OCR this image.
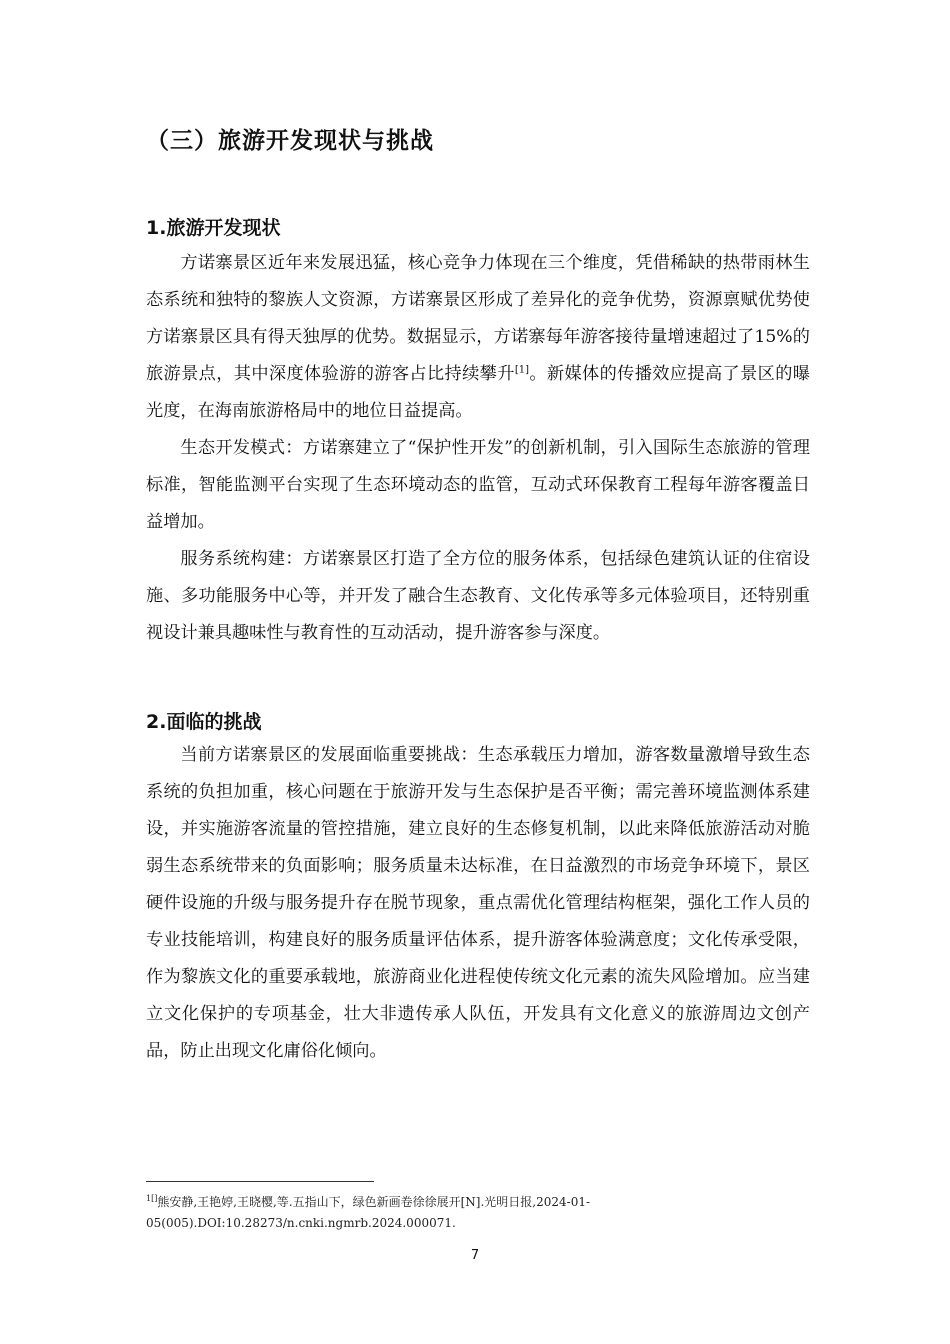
（三）旅游开发现状与挑战
1.旅游开发现状

方诺寨景区近年来发展迅猛，核心竞争力体现在三个维度，凭借稀缺的热带雨林生态系统和独特的黎族人文资源，方诺寨景区形成了差异化的竞争优势，资源禀赋优势使方诺寨景区具有得天独厚的优势。数据显示，方诺寨每年游客接待量增速超过了15%的旅游景点，其中深度体验游的游客占比持续攀升[1]。新媒体的传播效应提高了景区的曝光度，在海南旅游格局中的地位日益提高。

生态开发模式：方诺寨建立了“保护性开发”的创新机制，引入国际生态旅游的管理标准，智能监测平台实现了生态环境动态的监管，互动式环保教育工程每年游客覆盖日益增加。

服务系统构建：方诺寨景区打造了全方位的服务体系，包括绿色建筑认证的住宿设施、多功能服务中心等，并开发了融合生态教育、文化传承等多元体验项目，还特别重视设计兼具趣味性与教育性的互动活动，提升游客参与深度。

2.面临的挑战

当前方诺寨景区的发展面临重要挑战：生态承载压力增加，游客数量激增导致生态系统的负担加重，核心问题在于旅游开发与生态保护是否平衡；需完善环境监测体系建设，并实施游客流量的管控措施，建立良好的生态修复机制，以此来降低旅游活动对脆弱生态系统带来的负面影响；服务质量未达标准，在日益激烈的市场竞争环境下，景区硬件设施的升级与服务提升存在脱节现象，重点需优化管理结构框架，强化工作人员的专业技能培训，构建良好的服务质量评估体系，提升游客体验满意度；文化传承受限，作为黎族文化的重要承载地，旅游商业化进程使传统文化元素的流失风险增加。应当建立文化保护的专项基金，壮大非遗传承人队伍，开发具有文化意义的旅游周边文创产品，防止出现文化庸俗化倾向。

$^{1[]}$熊安静,王艳婷,王晓樱,等.五指山下，绿色新画卷徐徐展开[N].光明日报,2024-01-05(005).DOI:10.28273/n.cnki.ngmrb.2024.000071.

7
